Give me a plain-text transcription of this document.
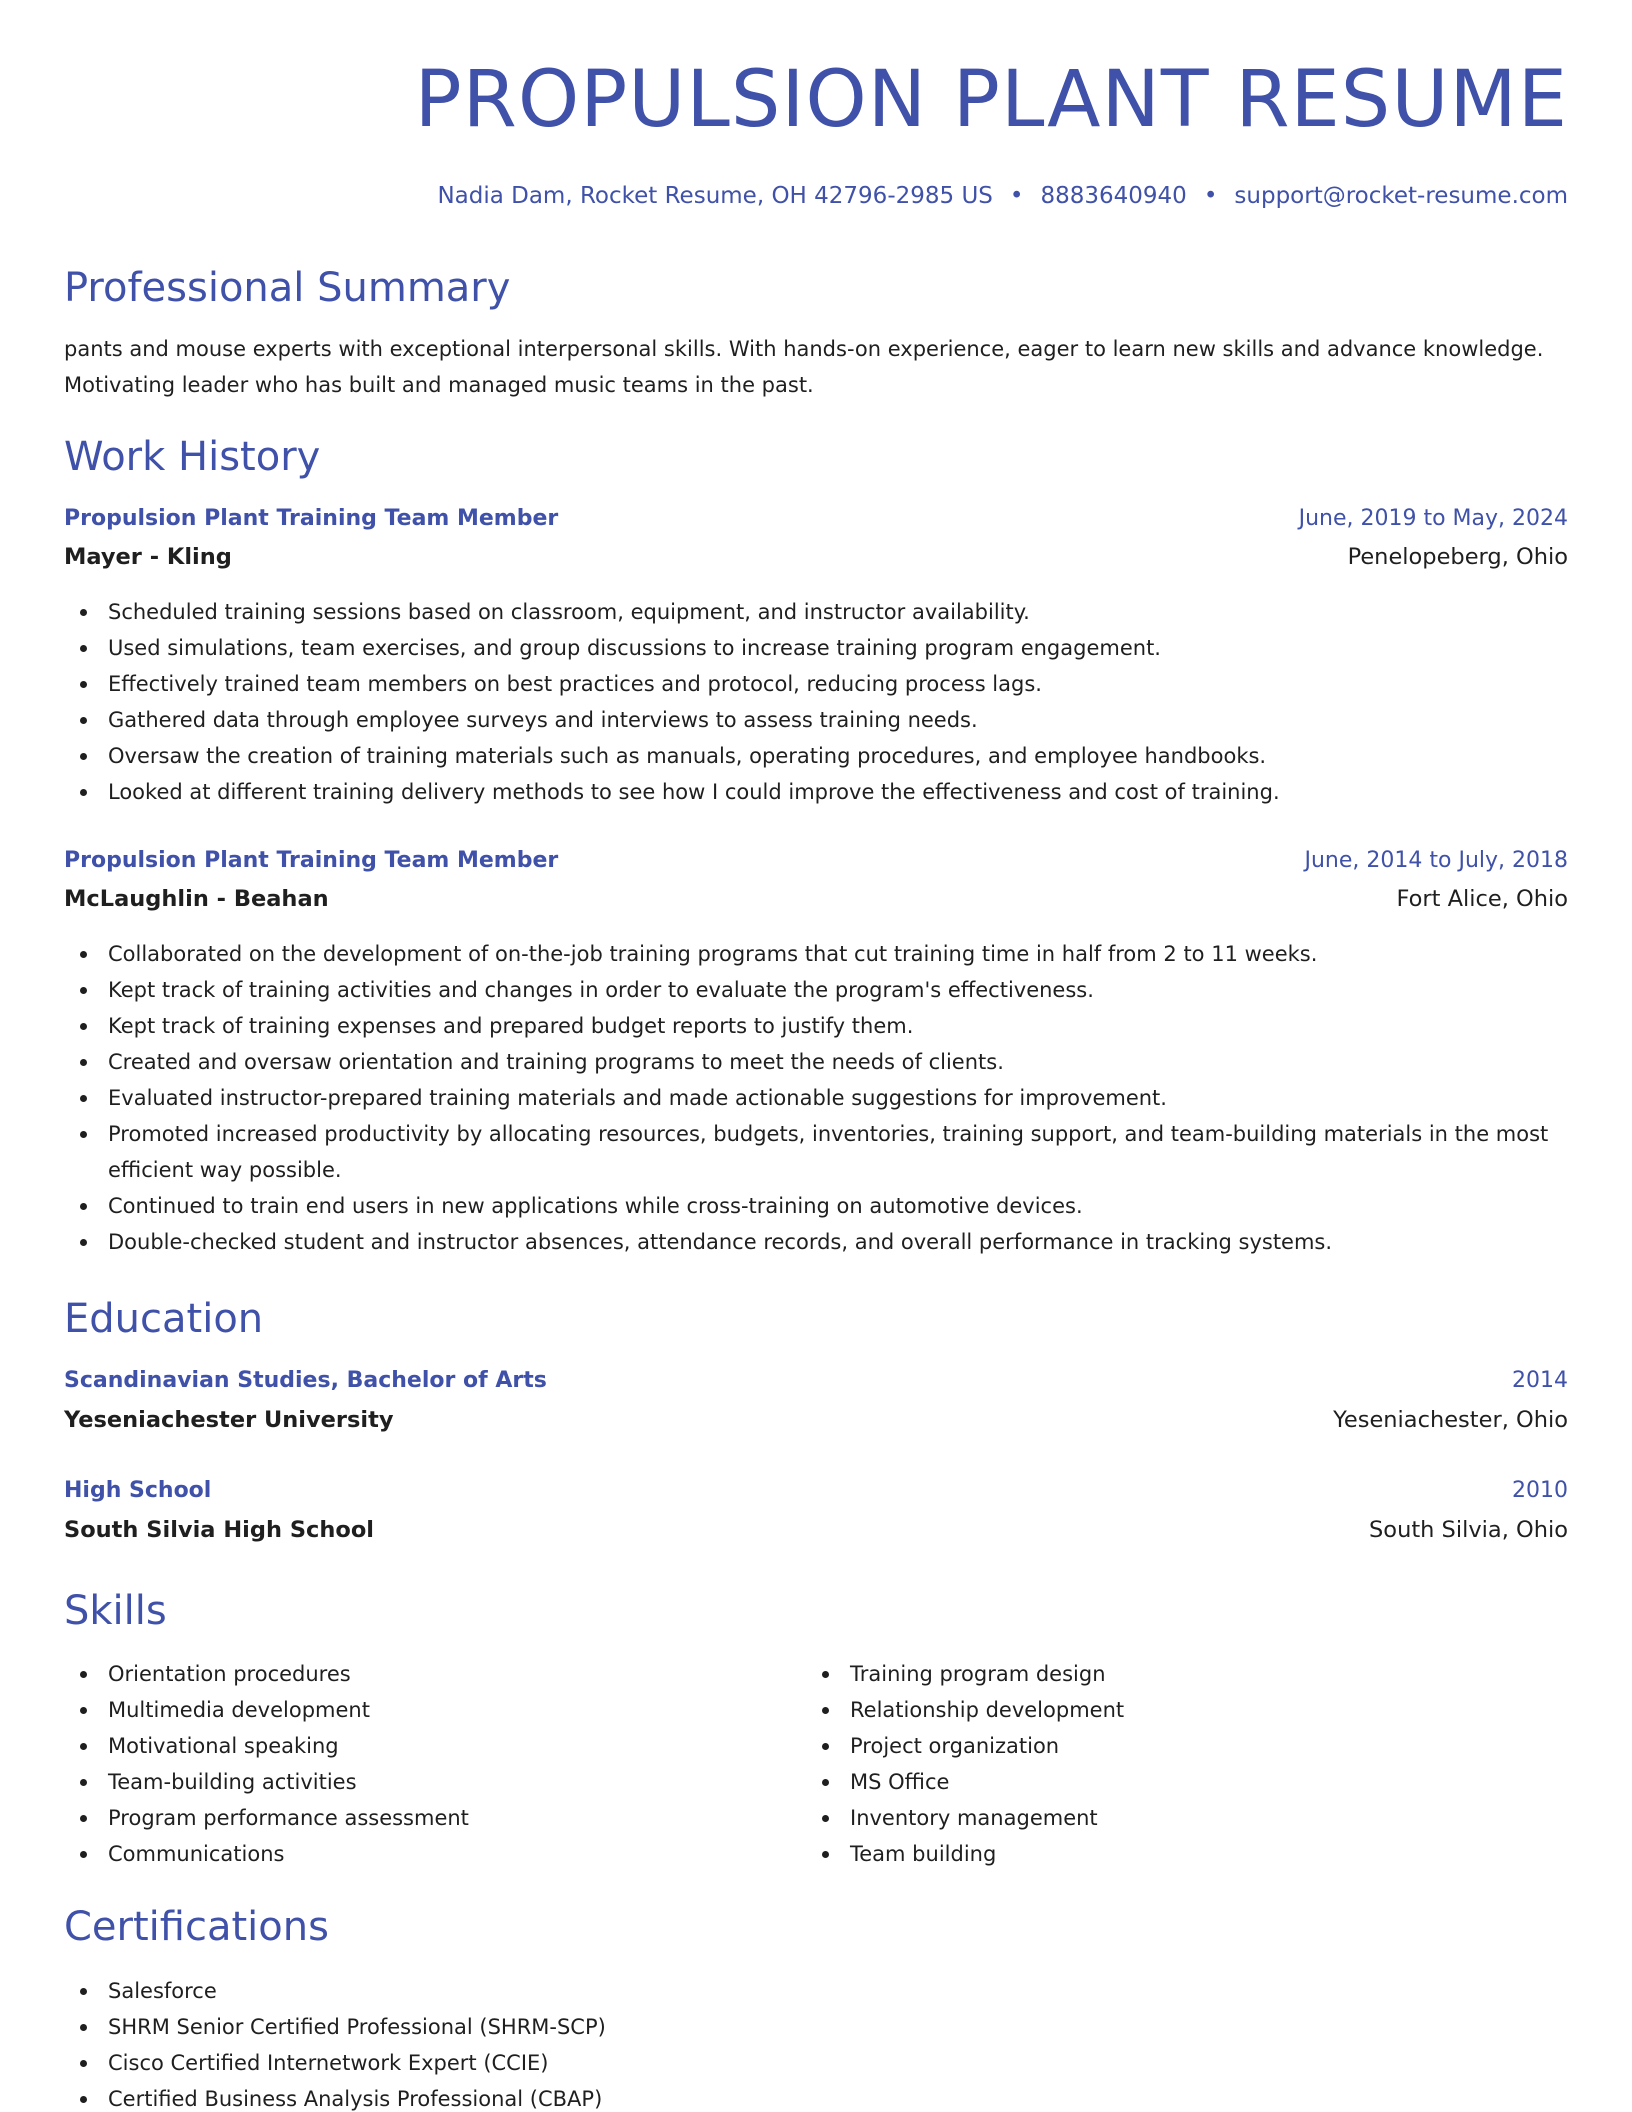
PROPULSION PLANT RESUME
Nadia Dam, Rocket Resume, OH 42796-2985 US • 8883640940 • support@rocket-resume.com
Professional Summary

pants and mouse experts with exceptional interpersonal skills. With hands-on experience, eager to learn new skills and advance knowledge. Motivating leader who has built and managed music teams in the past.

Work History
Propulsion Plant Training Team Member	June, 2019 to May, 2024
Mayer - Kling	Penelopeberg, Ohio
Scheduled training sessions based on classroom, equipment, and instructor availability.
Used simulations, team exercises, and group discussions to increase training program engagement.
Effectively trained team members on best practices and protocol, reducing process lags.
Gathered data through employee surveys and interviews to assess training needs.
Oversaw the creation of training materials such as manuals, operating procedures, and employee handbooks.
Looked at different training delivery methods to see how I could improve the effectiveness and cost of training.
Propulsion Plant Training Team Member	June, 2014 to July, 2018
McLaughlin - Beahan	Fort Alice, Ohio
Collaborated on the development of on-the-job training programs that cut training time in half from 2 to 11 weeks.
Kept track of training activities and changes in order to evaluate the program's effectiveness.
Kept track of training expenses and prepared budget reports to justify them.
Created and oversaw orientation and training programs to meet the needs of clients.
Evaluated instructor-prepared training materials and made actionable suggestions for improvement.
Promoted increased productivity by allocating resources, budgets, inventories, training support, and team-building materials in the most efficient way possible.
Continued to train end users in new applications while cross-training on automotive devices.
Double-checked student and instructor absences, attendance records, and overall performance in tracking systems.
Education
Scandinavian Studies, Bachelor of Arts	2014
Yeseniachester University	Yeseniachester, Ohio
High School	2010
South Silvia High School	South Silvia, Ohio
Skills
Orientation procedures
Multimedia development
Motivational speaking
Team-building activities
Program performance assessment
Communications
Training program design
Relationship development
Project organization
MS Office
Inventory management
Team building
Certifications
Salesforce
SHRM Senior Certified Professional (SHRM-SCP)
Cisco Certified Internetwork Expert (CCIE)
Certified Business Analysis Professional (CBAP)
